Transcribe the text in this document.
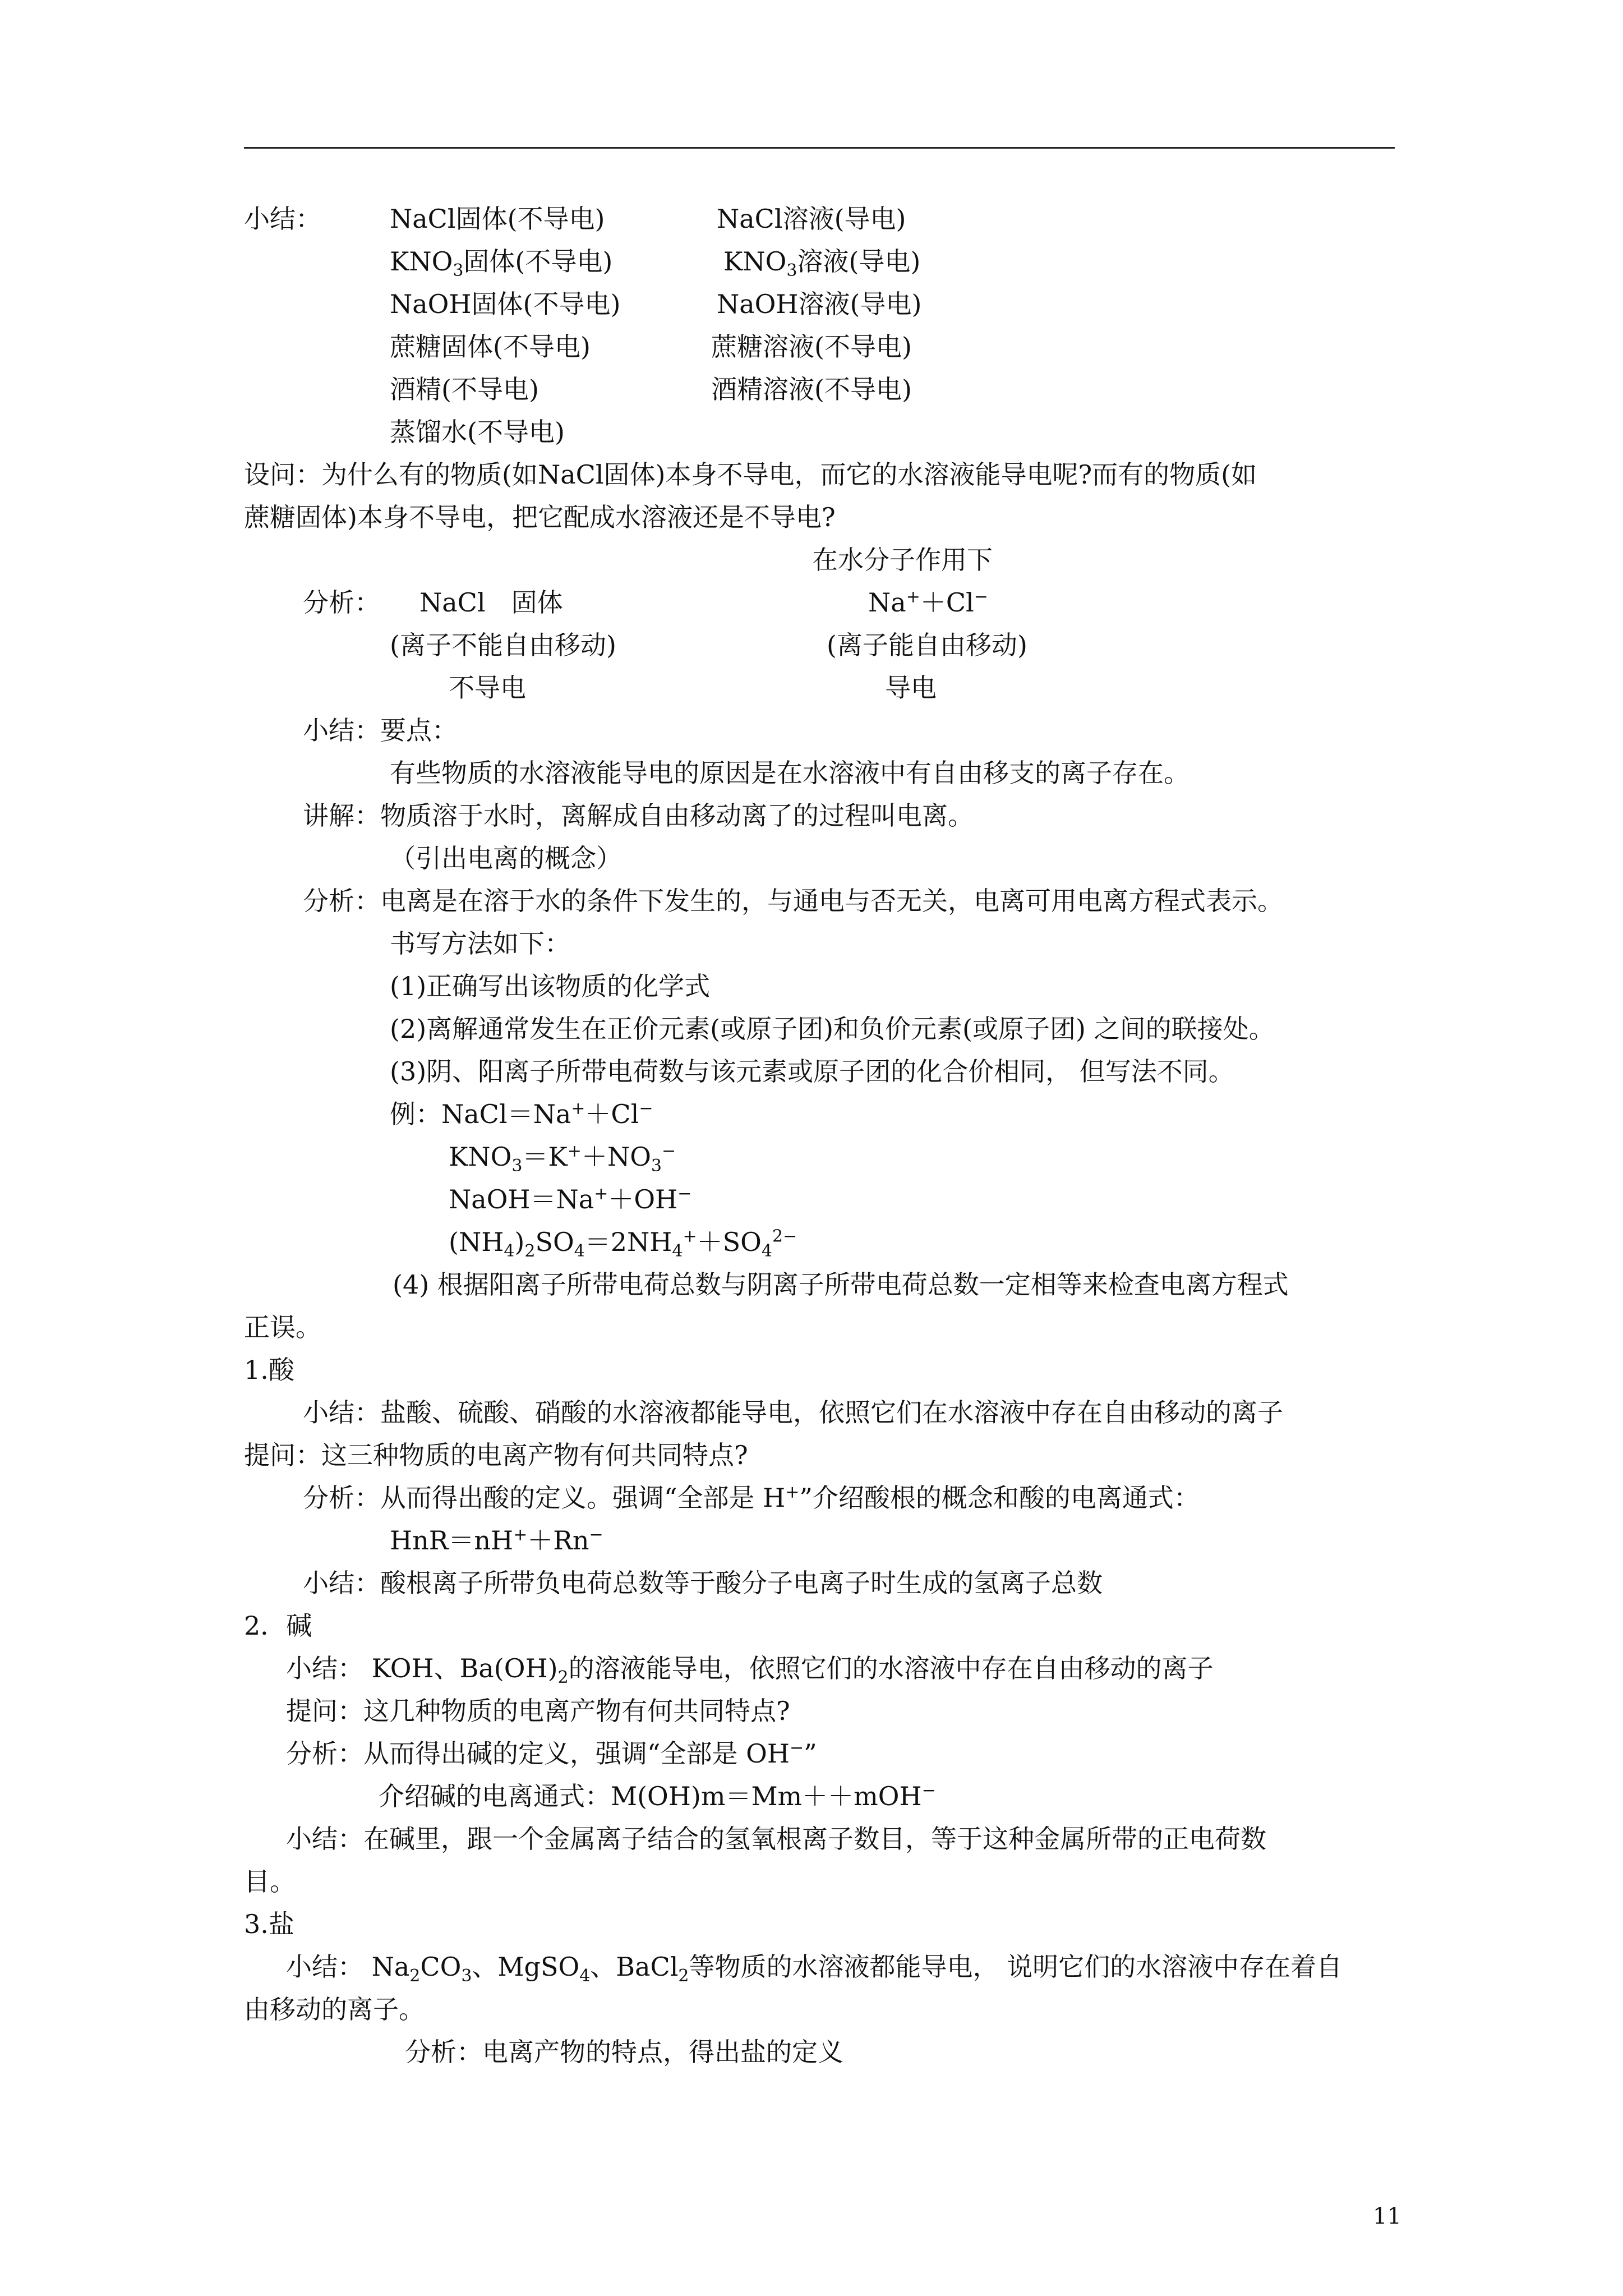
小结：	NaCl固体(不导电)	NaCl溶液(导电)
$KNO_3$固体(不导电)	$KNO_3$溶液(导电)
NaOH固体(不导电)	NaOH溶液(导电)
蔗糖固体(不导电)	蔗糖溶液(不导电)
酒精(不导电)	酒精溶液(不导电)
蒸馏水(不导电)
设问：为什么有的物质(如NaCl固体)本身不导电，而它的水溶液能导电呢?而有的物质(如
蔗糖固体)本身不导电，把它配成水溶液还是不导电?
在水分子作用下
分析： NaCl　固体	Na+＋Cl−
(离子不能自由移动)	(离子能自由移动)
不导电	导电
小结：要点：
有些物质的水溶液能导电的原因是在水溶液中有自由移支的离子存在。
讲解：物质溶于水时，离解成自由移动离了的过程叫电离。
（引出电离的概念）
分析：电离是在溶于水的条件下发生的，与通电与否无关，电离可用电离方程式表示。
书写方法如下：
(1)正确写出该物质的化学式
(2)离解通常发生在正价元素(或原子团)和负价元素(或原子团) 之间的联接处。
(3)阴、阳离子所带电荷数与该元素或原子团的化合价相同， 但写法不同。
例：NaCl＝Na+＋Cl−
$KNO_3=K^++NO_3^-$
NaOH＝Na+＋OH−
$(NH_4)_2SO_4=2NH_4^++SO_4^{2-}$
(4) 根据阳离子所带电荷总数与阴离子所带电荷总数一定相等来检查电离方程式
正误。
1.酸
小结：盐酸、硫酸、硝酸的水溶液都能导电，依照它们在水溶液中存在自由移动的离子
提问：这三种物质的电离产物有何共同特点?
分析：从而得出酸的定义。强调“全部是 H+”介绍酸根的概念和酸的电离通式：
HnR＝nH+＋Rn−
小结：酸根离子所带负电荷总数等于酸分子电离子时生成的氢离子总数
2．碱
小结： KOH、$Ba(OH)_2$的溶液能导电，依照它们的水溶液中存在自由移动的离子
提问：这几种物质的电离产物有何共同特点?
分析：从而得出碱的定义，强调“全部是 OH−”
介绍碱的电离通式：M(OH)m＝Mm＋＋mOH−
小结：在碱里，跟一个金属离子结合的氢氧根离子数目，等于这种金属所带的正电荷数
目。
3.盐
小结： $Na_2CO_3$、MgSO$_4$、BaCl$_2$等物质的水溶液都能导电， 说明它们的水溶液中存在着自
由移动的离子。
分析：电离产物的特点，得出盐的定义
11
